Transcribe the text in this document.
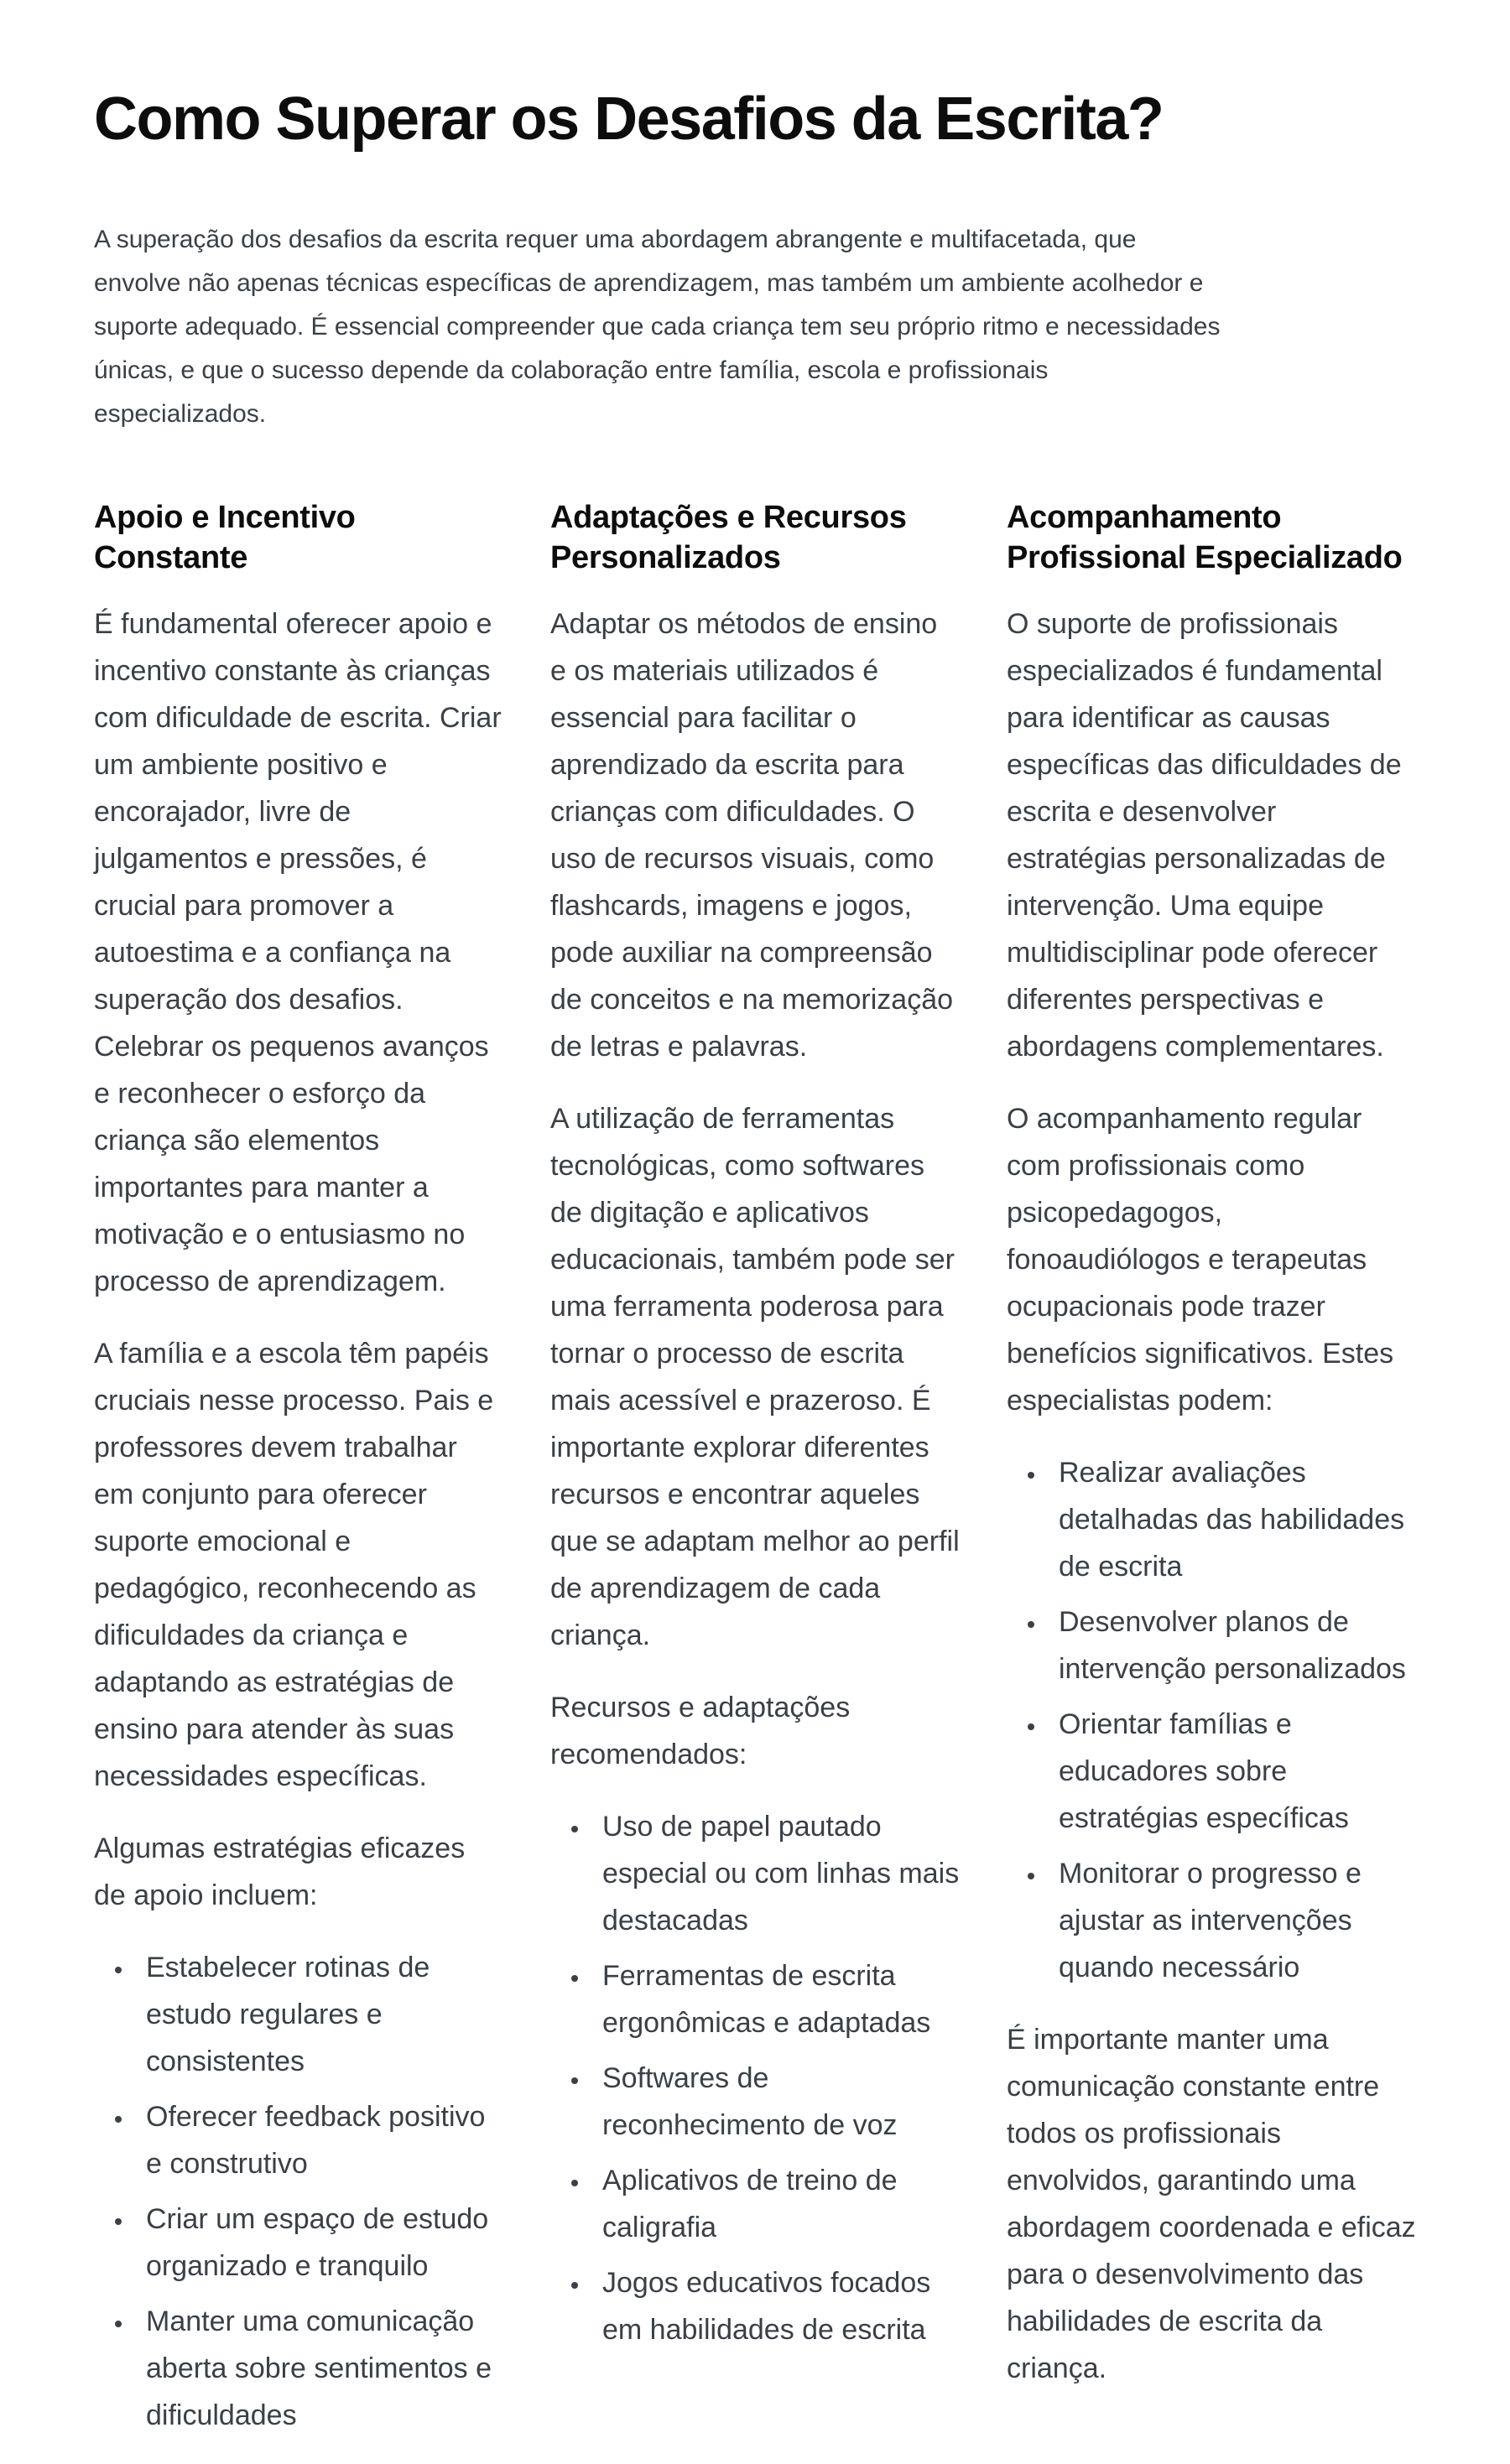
Como Superar os Desafios da Escrita?

A superação dos desafios da escrita requer uma abordagem abrangente e multifacetada, que envolve não apenas técnicas específicas de aprendizagem, mas também um ambiente acolhedor e suporte adequado. É essencial compreender que cada criança tem seu próprio ritmo e necessidades únicas, e que o sucesso depende da colaboração entre família, escola e profissionais especializados.

Apoio e Incentivo Constante

É fundamental oferecer apoio e incentivo constante às crianças com dificuldade de escrita. Criar um ambiente positivo e encorajador, livre de julgamentos e pressões, é crucial para promover a autoestima e a confiança na superação dos desafios. Celebrar os pequenos avanços e reconhecer o esforço da criança são elementos importantes para manter a motivação e o entusiasmo no processo de aprendizagem.

A família e a escola têm papéis cruciais nesse processo. Pais e professores devem trabalhar em conjunto para oferecer suporte emocional e pedagógico, reconhecendo as dificuldades da criança e adaptando as estratégias de ensino para atender às suas necessidades específicas.

Algumas estratégias eficazes de apoio incluem:

• Estabelecer rotinas de estudo regulares e consistentes
• Oferecer feedback positivo e construtivo
• Criar um espaço de estudo organizado e tranquilo
• Manter uma comunicação aberta sobre sentimentos e dificuldades
Adaptações e Recursos Personalizados

Adaptar os métodos de ensino e os materiais utilizados é essencial para facilitar o aprendizado da escrita para crianças com dificuldades. O uso de recursos visuais, como flashcards, imagens e jogos, pode auxiliar na compreensão de conceitos e na memorização de letras e palavras.

A utilização de ferramentas tecnológicas, como softwares de digitação e aplicativos educacionais, também pode ser uma ferramenta poderosa para tornar o processo de escrita mais acessível e prazeroso. É importante explorar diferentes recursos e encontrar aqueles que se adaptam melhor ao perfil de aprendizagem de cada criança.

Recursos e adaptações recomendados:

• Uso de papel pautado especial ou com linhas mais destacadas
• Ferramentas de escrita ergonômicas e adaptadas
• Softwares de reconhecimento de voz
• Aplicativos de treino de caligrafia
• Jogos educativos focados em habilidades de escrita
Acompanhamento Profissional Especializado

O suporte de profissionais especializados é fundamental para identificar as causas específicas das dificuldades de escrita e desenvolver estratégias personalizadas de intervenção. Uma equipe multidisciplinar pode oferecer diferentes perspectivas e abordagens complementares.

O acompanhamento regular com profissionais como psicopedagogos, fonoaudiólogos e terapeutas ocupacionais pode trazer benefícios significativos. Estes especialistas podem:

• Realizar avaliações detalhadas das habilidades de escrita
• Desenvolver planos de intervenção personalizados
• Orientar famílias e educadores sobre estratégias específicas
• Monitorar o progresso e ajustar as intervenções quando necessário

É importante manter uma comunicação constante entre todos os profissionais envolvidos, garantindo uma abordagem coordenada e eficaz para o desenvolvimento das habilidades de escrita da criança.
